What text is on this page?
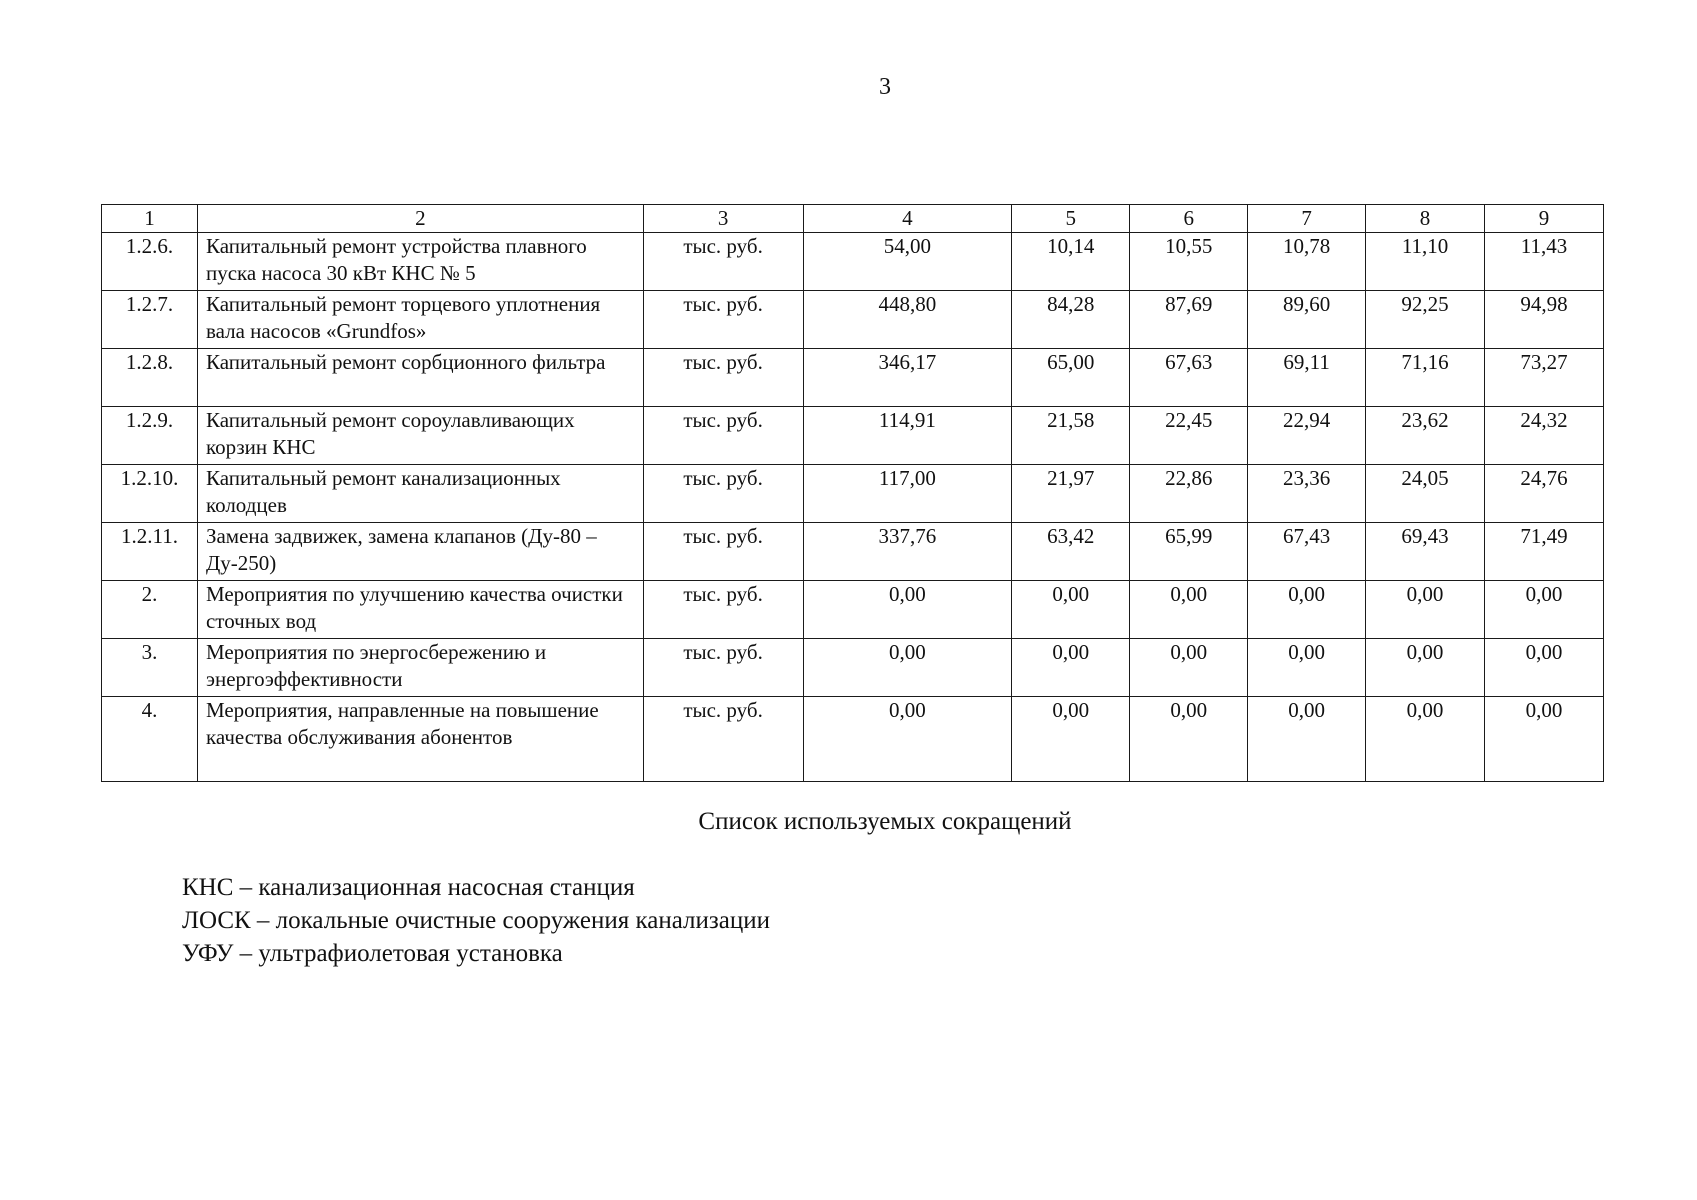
3
1	2	3	4	5	6	7	8	9
1.2.6.	Капитальный ремонт устройства плавного пуска насоса 30 кВт КНС № 5	тыс. руб.	54,00	10,14	10,55	10,78	11,10	11,43
1.2.7.	Капитальный ремонт торцевого уплотнения вала насосов «Grundfos»	тыс. руб.	448,80	84,28	87,69	89,60	92,25	94,98
1.2.8.	Капитальный ремонт сорбционного фильтра	тыс. руб.	346,17	65,00	67,63	69,11	71,16	73,27
1.2.9.	Капитальный ремонт сороулавливающих корзин КНС	тыс. руб.	114,91	21,58	22,45	22,94	23,62	24,32
1.2.10.	Капитальный ремонт канализационных колодцев	тыс. руб.	117,00	21,97	22,86	23,36	24,05	24,76
1.2.11.	Замена задвижек, замена клапанов (Ду-80 – Ду-250)	тыс. руб.	337,76	63,42	65,99	67,43	69,43	71,49
2.	Мероприятия по улучшению качества очистки сточных вод	тыс. руб.	0,00	0,00	0,00	0,00	0,00	0,00
3.	Мероприятия по энергосбережению и энергоэффективности	тыс. руб.	0,00	0,00	0,00	0,00	0,00	0,00
4.	Мероприятия, направленные на повышение качества обслуживания абонентов	тыс. руб.	0,00	0,00	0,00	0,00	0,00	0,00
Список используемых сокращений
КНС – канализационная насосная станция
ЛОСК – локальные очистные сооружения канализации
УФУ – ультрафиолетовая установка
